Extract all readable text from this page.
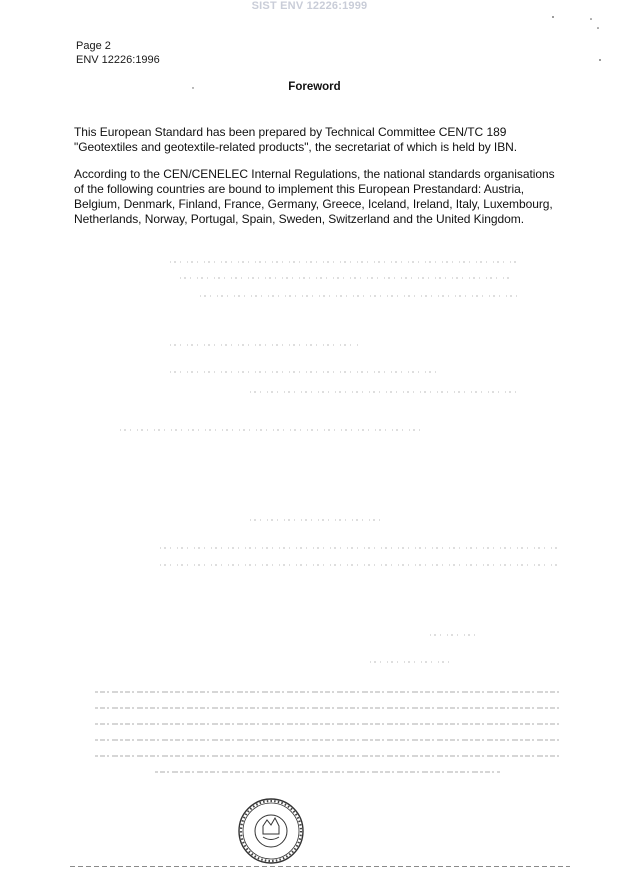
SIST ENV 12226:1999
Page 2
ENV 12226:1996
Foreword

This European Standard has been prepared by Technical Committee CEN/TC 189 "Geotextiles and geotextile-related products", the secretariat of which is held by IBN.

According to the CEN/CENELEC Internal Regulations, the national standards organisations of the following countries are bound to implement this European Prestandard: Austria, Belgium, Denmark, Finland, France, Germany, Greece, Iceland, Ireland, Italy, Luxembourg, Netherlands, Norway, Portugal, Spain, Sweden, Switzerland and the United Kingdom.
